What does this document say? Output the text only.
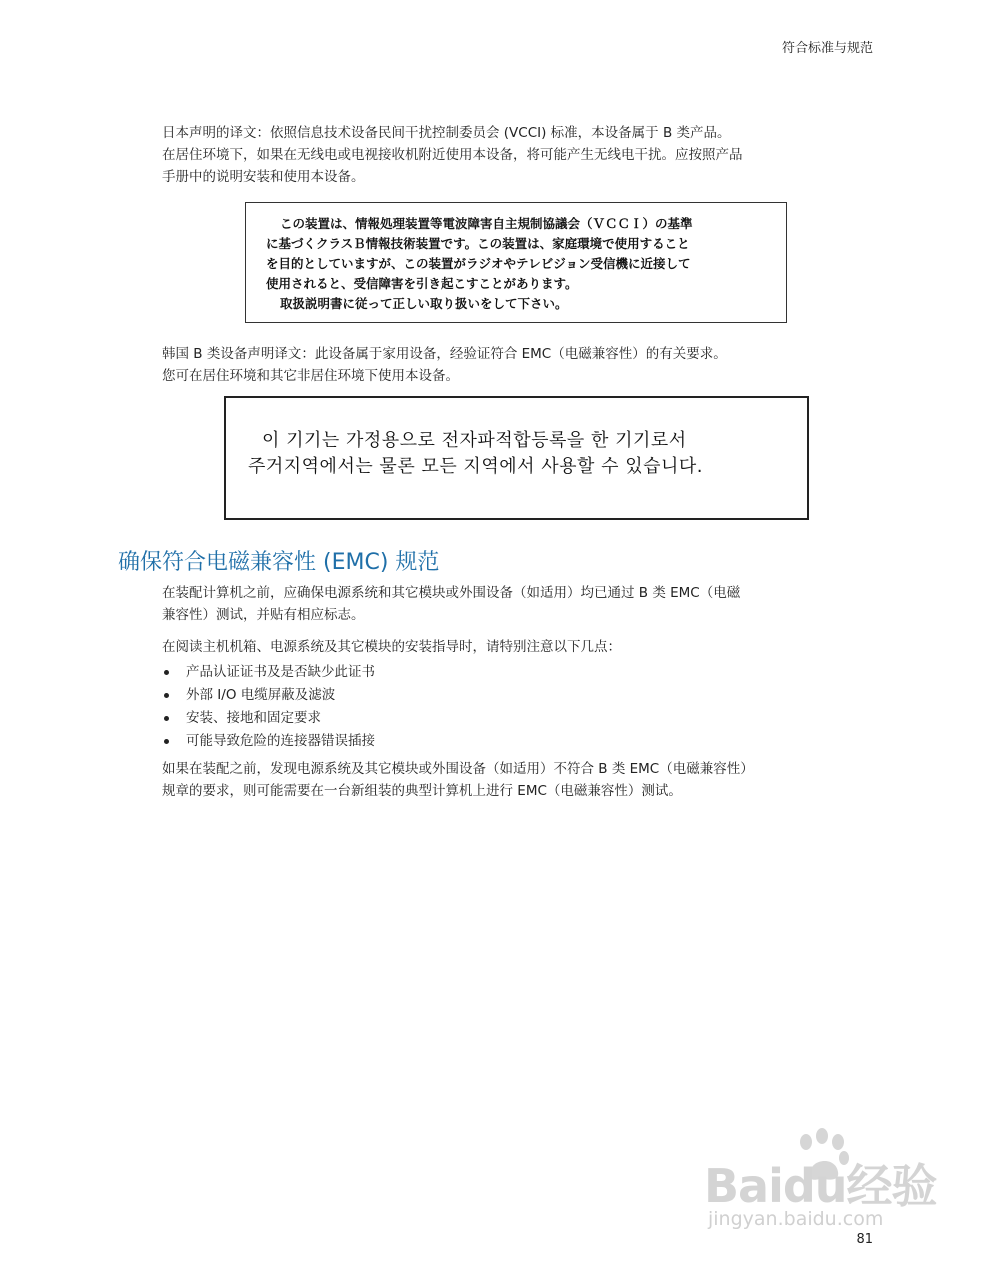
符合标准与规范
日本声明的译文：依照信息技术设备民间干扰控制委员会 (VCCI) 标准，本设备属于 B 类产品。
在居住环境下，如果在无线电或电视接收机附近使用本设备，将可能产生无线电干扰。应按照产品
手册中的说明安装和使用本设备。
この装置は、情報処理装置等電波障害自主規制協議会（ＶＣＣＩ）の基準
に基づくクラスＢ情報技術装置です。この装置は、家庭環境で使用すること
を目的としていますが、この装置がラジオやテレビジョン受信機に近接して
使用されると、受信障害を引き起こすことがあります。
取扱説明書に従って正しい取り扱いをして下さい。
韩国 B 类设备声明译文：此设备属于家用设备，经验证符合 EMC（电磁兼容性）的有关要求。
您可在居住环境和其它非居住环境下使用本设备。
이 기기는 가정용으로 전자파적합등록을 한 기기로서
주거지역에서는 물론 모든 지역에서 사용할 수 있습니다.
确保符合电磁兼容性 (EMC) 规范
在装配计算机之前，应确保电源系统和其它模块或外围设备（如适用）均已通过 B 类 EMC（电磁
兼容性）测试，并贴有相应标志。
在阅读主机机箱、电源系统及其它模块的安装指导时，请特别注意以下几点：
产品认证证书及是否缺少此证书
外部 I/O 电缆屏蔽及滤波
安装、接地和固定要求
可能导致危险的连接器错误插接
如果在装配之前，发现电源系统及其它模块或外围设备（如适用）不符合 B 类 EMC（电磁兼容性）
规章的要求，则可能需要在一台新组装的典型计算机上进行 EMC（电磁兼容性）测试。
Baidu经验
jingyan.baidu.com
81
